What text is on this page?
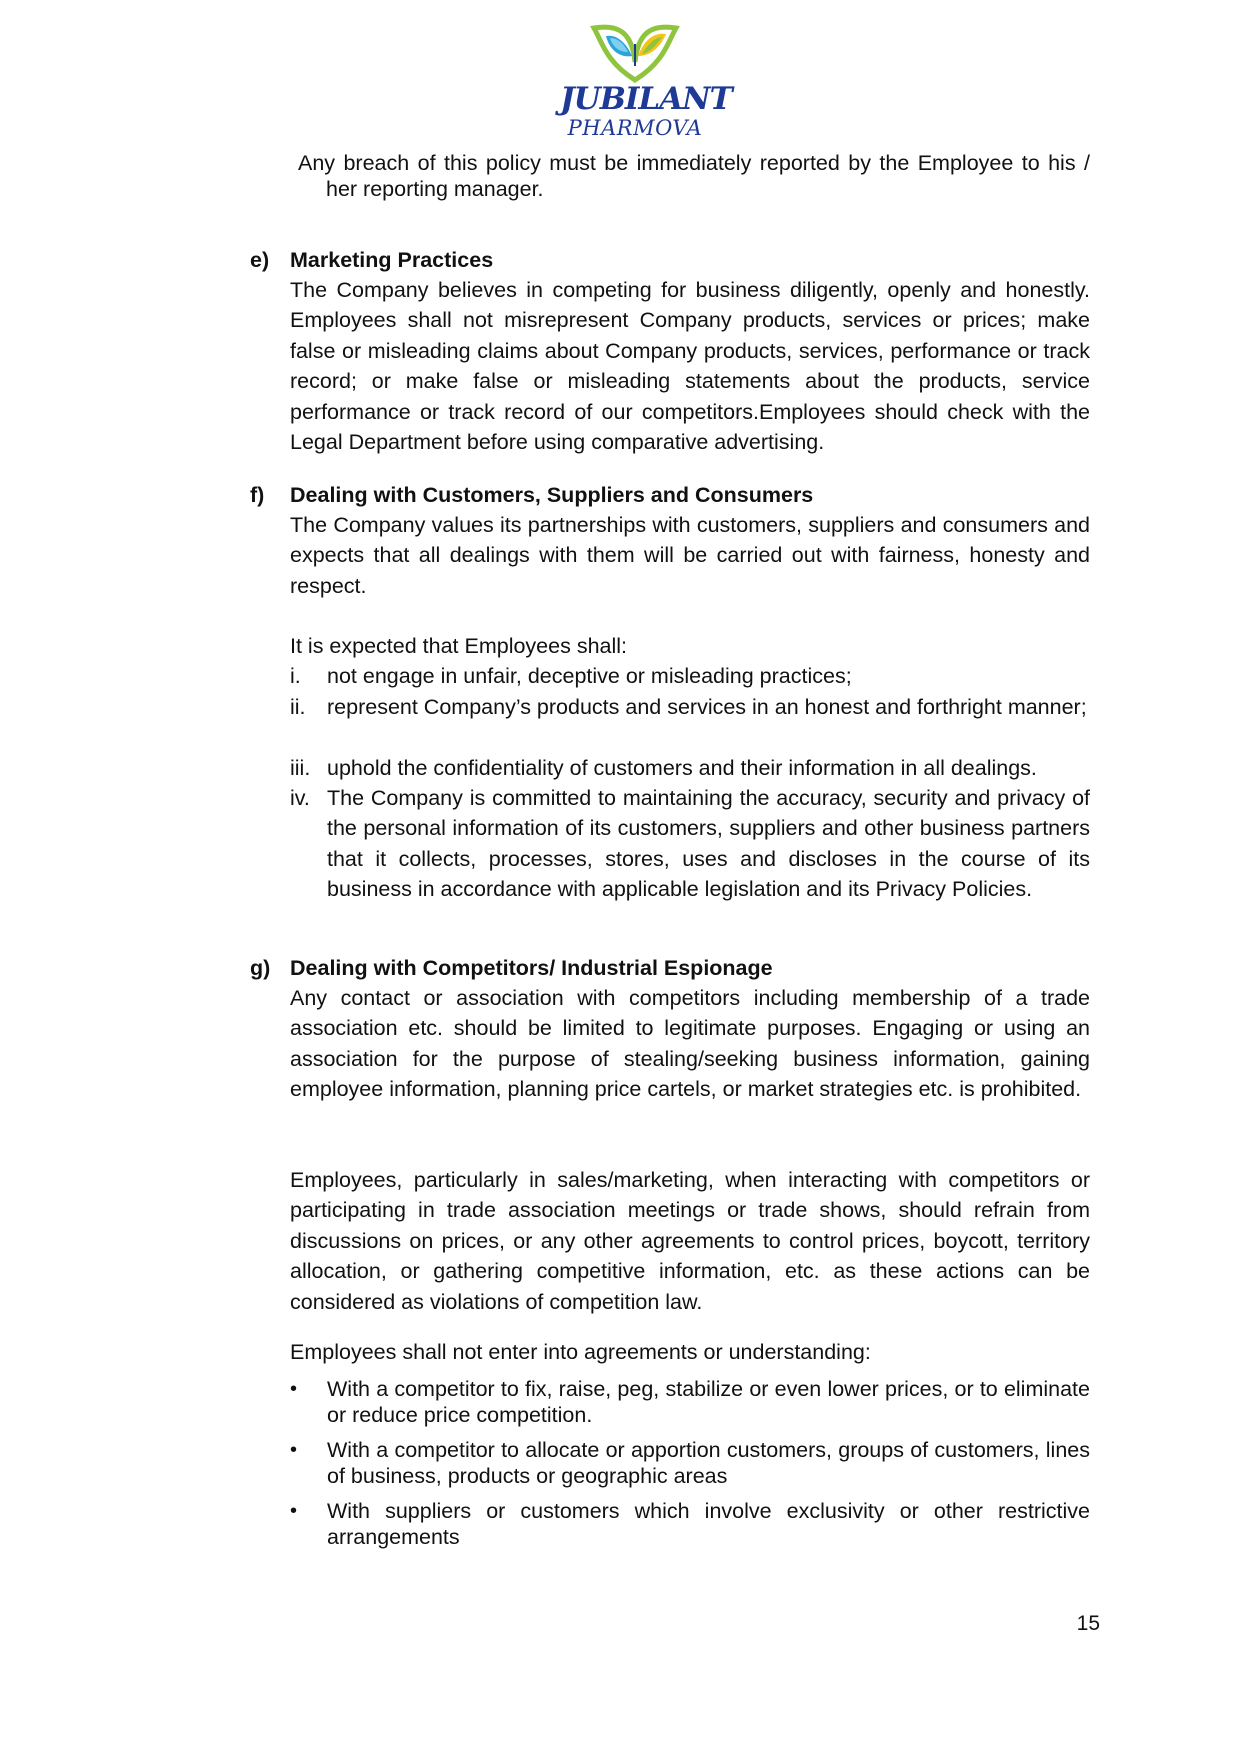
JUBILANT
PHARMOVA
Any breach of this policy must be immediately reported by the Employee to his / her reporting manager.
e) Marketing Practices
The Company believes in competing for business diligently, openly and honestly. Employees shall not misrepresent Company products, services or prices; make false or misleading claims about Company products, services, performance or track record; or make false or misleading statements about the products, service performance or track record of our competitors.Employees should check with the Legal Department before using comparative advertising.
f) Dealing with Customers, Suppliers and Consumers
The Company values its partnerships with customers, suppliers and consumers and expects that all dealings with them will be carried out with fairness, honesty and respect.
It is expected that Employees shall:
i. not engage in unfair, deceptive or misleading practices;
ii. represent Company’s products and services in an honest and forthright manner;
iii. uphold the confidentiality of customers and their information in all dealings.
iv. The Company is committed to maintaining the accuracy, security and privacy of the personal information of its customers, suppliers and other business partners that it collects, processes, stores, uses and discloses in the course of its business in accordance with applicable legislation and its Privacy Policies.
g) Dealing with Competitors/ Industrial Espionage
Any contact or association with competitors including membership of a trade association etc. should be limited to legitimate purposes. Engaging or using an association for the purpose of stealing/seeking business information, gaining employee information, planning price cartels, or market strategies etc. is prohibited.
Employees, particularly in sales/marketing, when interacting with competitors or participating in trade association meetings or trade shows, should refrain from discussions on prices, or any other agreements to control prices, boycott, territory allocation, or gathering competitive information, etc. as these actions can be considered as violations of competition law.
Employees shall not enter into agreements or understanding:
• With a competitor to fix, raise, peg, stabilize or even lower prices, or to eliminate or reduce price competition.
• With a competitor to allocate or apportion customers, groups of customers, lines of business, products or geographic areas
• With suppliers or customers which involve exclusivity or other restrictive arrangements
15
